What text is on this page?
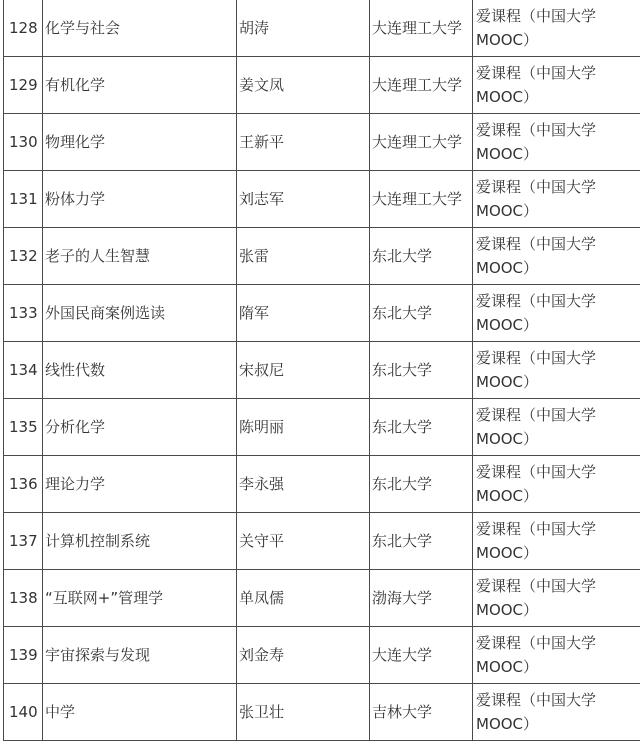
128	化学与社会	胡涛	大连理工大学	爱课程（中国大学
MOOC）

129	有机化学	姜文凤	大连理工大学	爱课程（中国大学
MOOC）

130	物理化学	王新平	大连理工大学	爱课程（中国大学
MOOC）

131	粉体力学	刘志军	大连理工大学	爱课程（中国大学
MOOC）

132	老子的人生智慧	张雷	东北大学	爱课程（中国大学
MOOC）

133	外国民商案例选读	隋军	东北大学	爱课程（中国大学
MOOC）

134	线性代数	宋叔尼	东北大学	爱课程（中国大学
MOOC）

135	分析化学	陈明丽	东北大学	爱课程（中国大学
MOOC）

136	理论力学	李永强	东北大学	爱课程（中国大学
MOOC）

137	计算机控制系统	关守平	东北大学	爱课程（中国大学
MOOC）

138	“互联网+”管理学	单凤儒	渤海大学	爱课程（中国大学
MOOC）

139	宇宙探索与发现	刘金寿	大连大学	爱课程（中国大学
MOOC）

140	中学	张卫壮	吉林大学	爱课程（中国大学
MOOC）
